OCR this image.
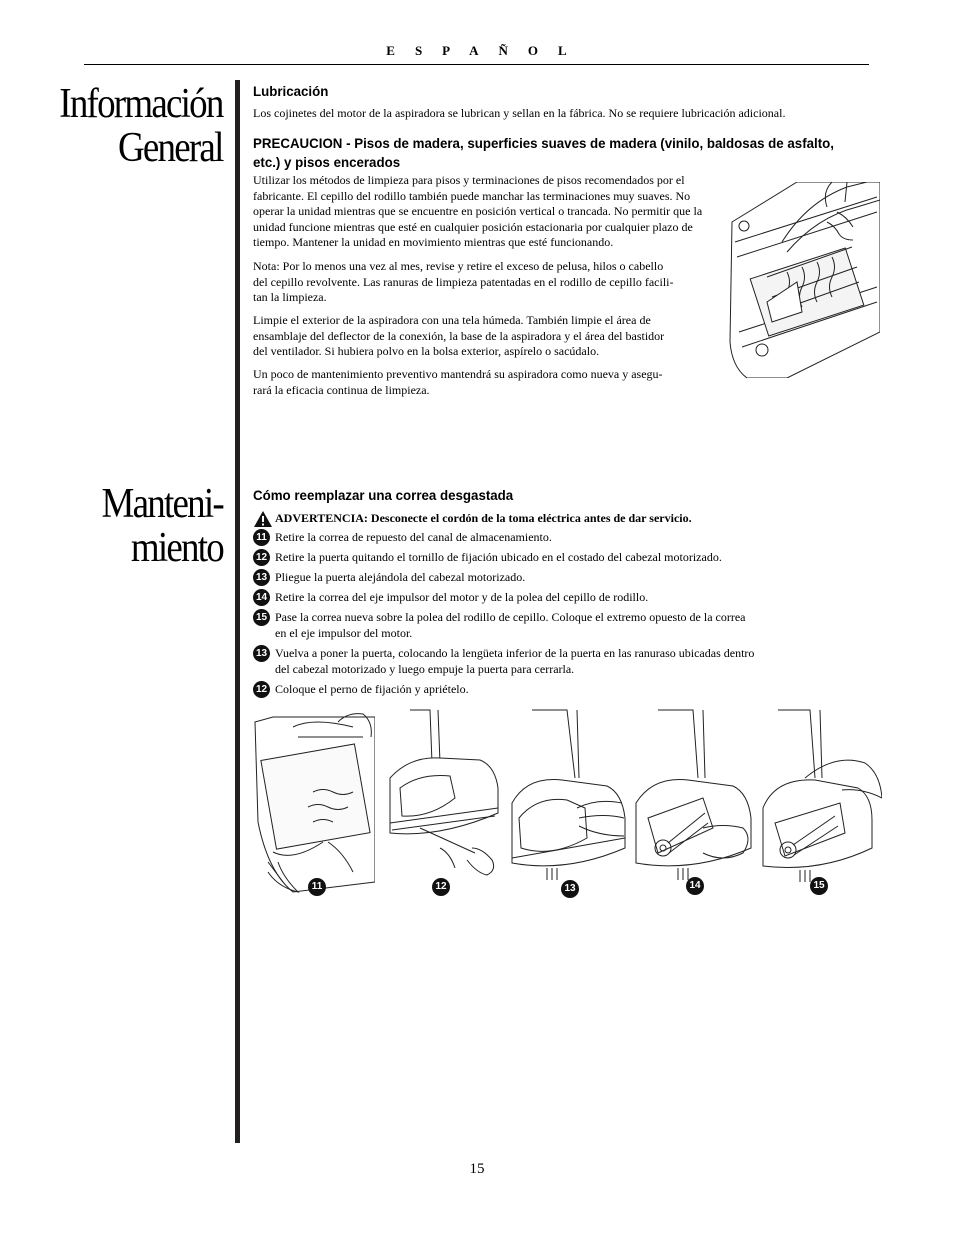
ESPAÑOL
Información
General
Manteni-
miento
Lubricación
Los cojinetes del motor de la aspiradora se lubrican y sellan en la fábrica. No se requiere lubricación adicional.
PRECAUCION - Pisos de madera, superficies suaves de madera (vinilo, baldosas de asfalto,
etc.) y pisos encerados
Utilizar los métodos de limpieza para pisos y terminaciones de pisos recomendados por el
fabricante. El cepillo del rodillo también puede manchar las terminaciones muy suaves. No
operar la unidad mientras que se encuentre en posición vertical o trancada. No permitir que la
unidad funcione mientras que esté en cualquier posición estacionaria por cualquier plazo de
tiempo. Mantener la unidad en movimiento mientras que esté funcionando.
Nota: Por lo menos una vez al mes, revise y retire el exceso de pelusa, hilos o cabello
del cepillo revolvente. Las ranuras de limpieza patentadas en el rodillo de cepillo facili-
tan la limpieza.
Limpie el exterior de la aspiradora con una tela húmeda. También limpie el área de
ensamblaje del deflector de la conexión, la base de la aspiradora y el área del bastidor
del ventilador. Si hubiera polvo en la bolsa exterior, aspírelo o sacúdalo.
Un poco de mantenimiento preventivo mantendrá su aspiradora como nueva y asegu-
rará la eficacia continua de limpieza.
Cómo reemplazar una correa desgastada
ADVERTENCIA: Desconecte el cordón de la toma eléctrica antes de dar servicio.
11 Retire la correa de repuesto del canal de almacenamiento.
12 Retire la puerta quitando el tornillo de fijación ubicado en el costado del cabezal motorizado.
13 Pliegue la puerta alejándola del cabezal motorizado.
14 Retire la correa del eje impulsor del motor y de la polea del cepillo de rodillo.
15 Pase la correa nueva sobre la polea del rodillo de cepillo. Coloque el extremo opuesto de la correa
en el eje impulsor del motor.
13 Vuelva a poner la puerta, colocando la lengüeta inferior de la puerta en las ranuraso ubicadas dentro
del cabezal motorizado y luego empuje la puerta para cerrarla.
12 Coloque el perno de fijación y apriételo.
11	12	13	14	15
15
